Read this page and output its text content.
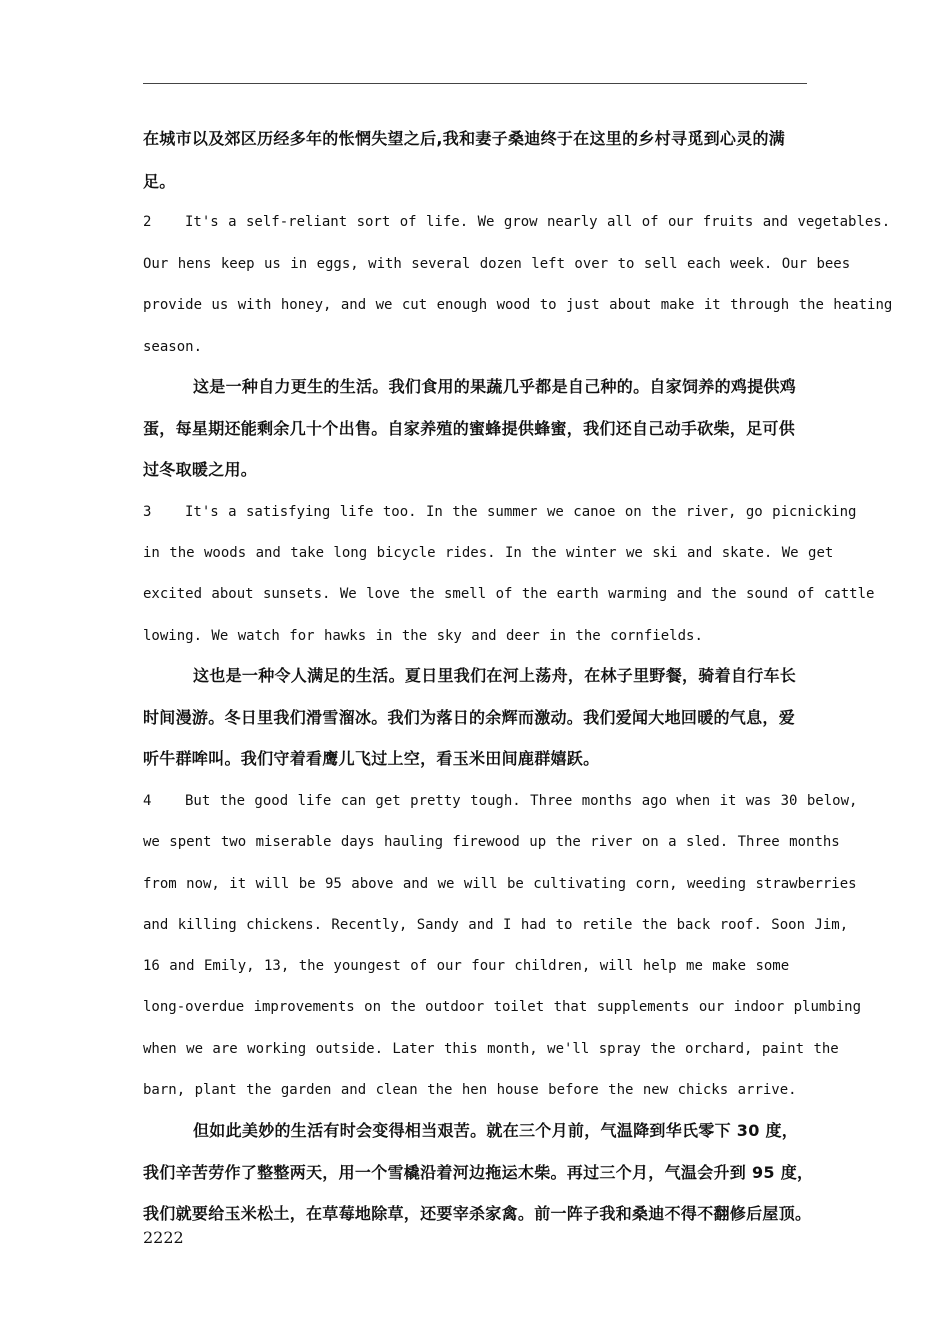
在城市以及郊区历经多年的怅惘失望之后,我和妻子桑迪终于在这里的乡村寻觅到心灵的满
足。
2 It's a self-reliant sort of life. We grow nearly all of our fruits and vegetables.
Our hens keep us in eggs, with several dozen left over to sell each week. Our bees
provide us with honey, and we cut enough wood to just about make it through the heating
season.
这是一种自力更生的生活。我们食用的果蔬几乎都是自己种的。自家饲养的鸡提供鸡
蛋，每星期还能剩余几十个出售。自家养殖的蜜蜂提供蜂蜜，我们还自己动手砍柴，足可供
过冬取暖之用。
3 It's a satisfying life too. In the summer we canoe on the river, go picnicking
in the woods and take long bicycle rides. In the winter we ski and skate. We get
excited about sunsets. We love the smell of the earth warming and the sound of cattle
lowing. We watch for hawks in the sky and deer in the cornfields.
这也是一种令人满足的生活。夏日里我们在河上荡舟，在林子里野餐，骑着自行车长
时间漫游。冬日里我们滑雪溜冰。我们为落日的余辉而激动。我们爱闻大地回暖的气息，爱
听牛群哞叫。我们守着看鹰儿飞过上空，看玉米田间鹿群嬉跃。
4 But the good life can get pretty tough. Three months ago when it was 30 below,
we spent two miserable days hauling firewood up the river on a sled. Three months
from now, it will be 95 above and we will be cultivating corn, weeding strawberries
and killing chickens. Recently, Sandy and I had to retile the back roof. Soon Jim,
16 and Emily, 13, the youngest of our four children, will help me make some
long-overdue improvements on the outdoor toilet that supplements our indoor plumbing
when we are working outside. Later this month, we'll spray the orchard, paint the
barn, plant the garden and clean the hen house before the new chicks arrive.
但如此美妙的生活有时会变得相当艰苦。就在三个月前，气温降到华氏零下 30 度，
我们辛苦劳作了整整两天，用一个雪橇沿着河边拖运木柴。再过三个月，气温会升到 95 度，
我们就要给玉米松土，在草莓地除草，还要宰杀家禽。前一阵子我和桑迪不得不翻修后屋顶。
2222
